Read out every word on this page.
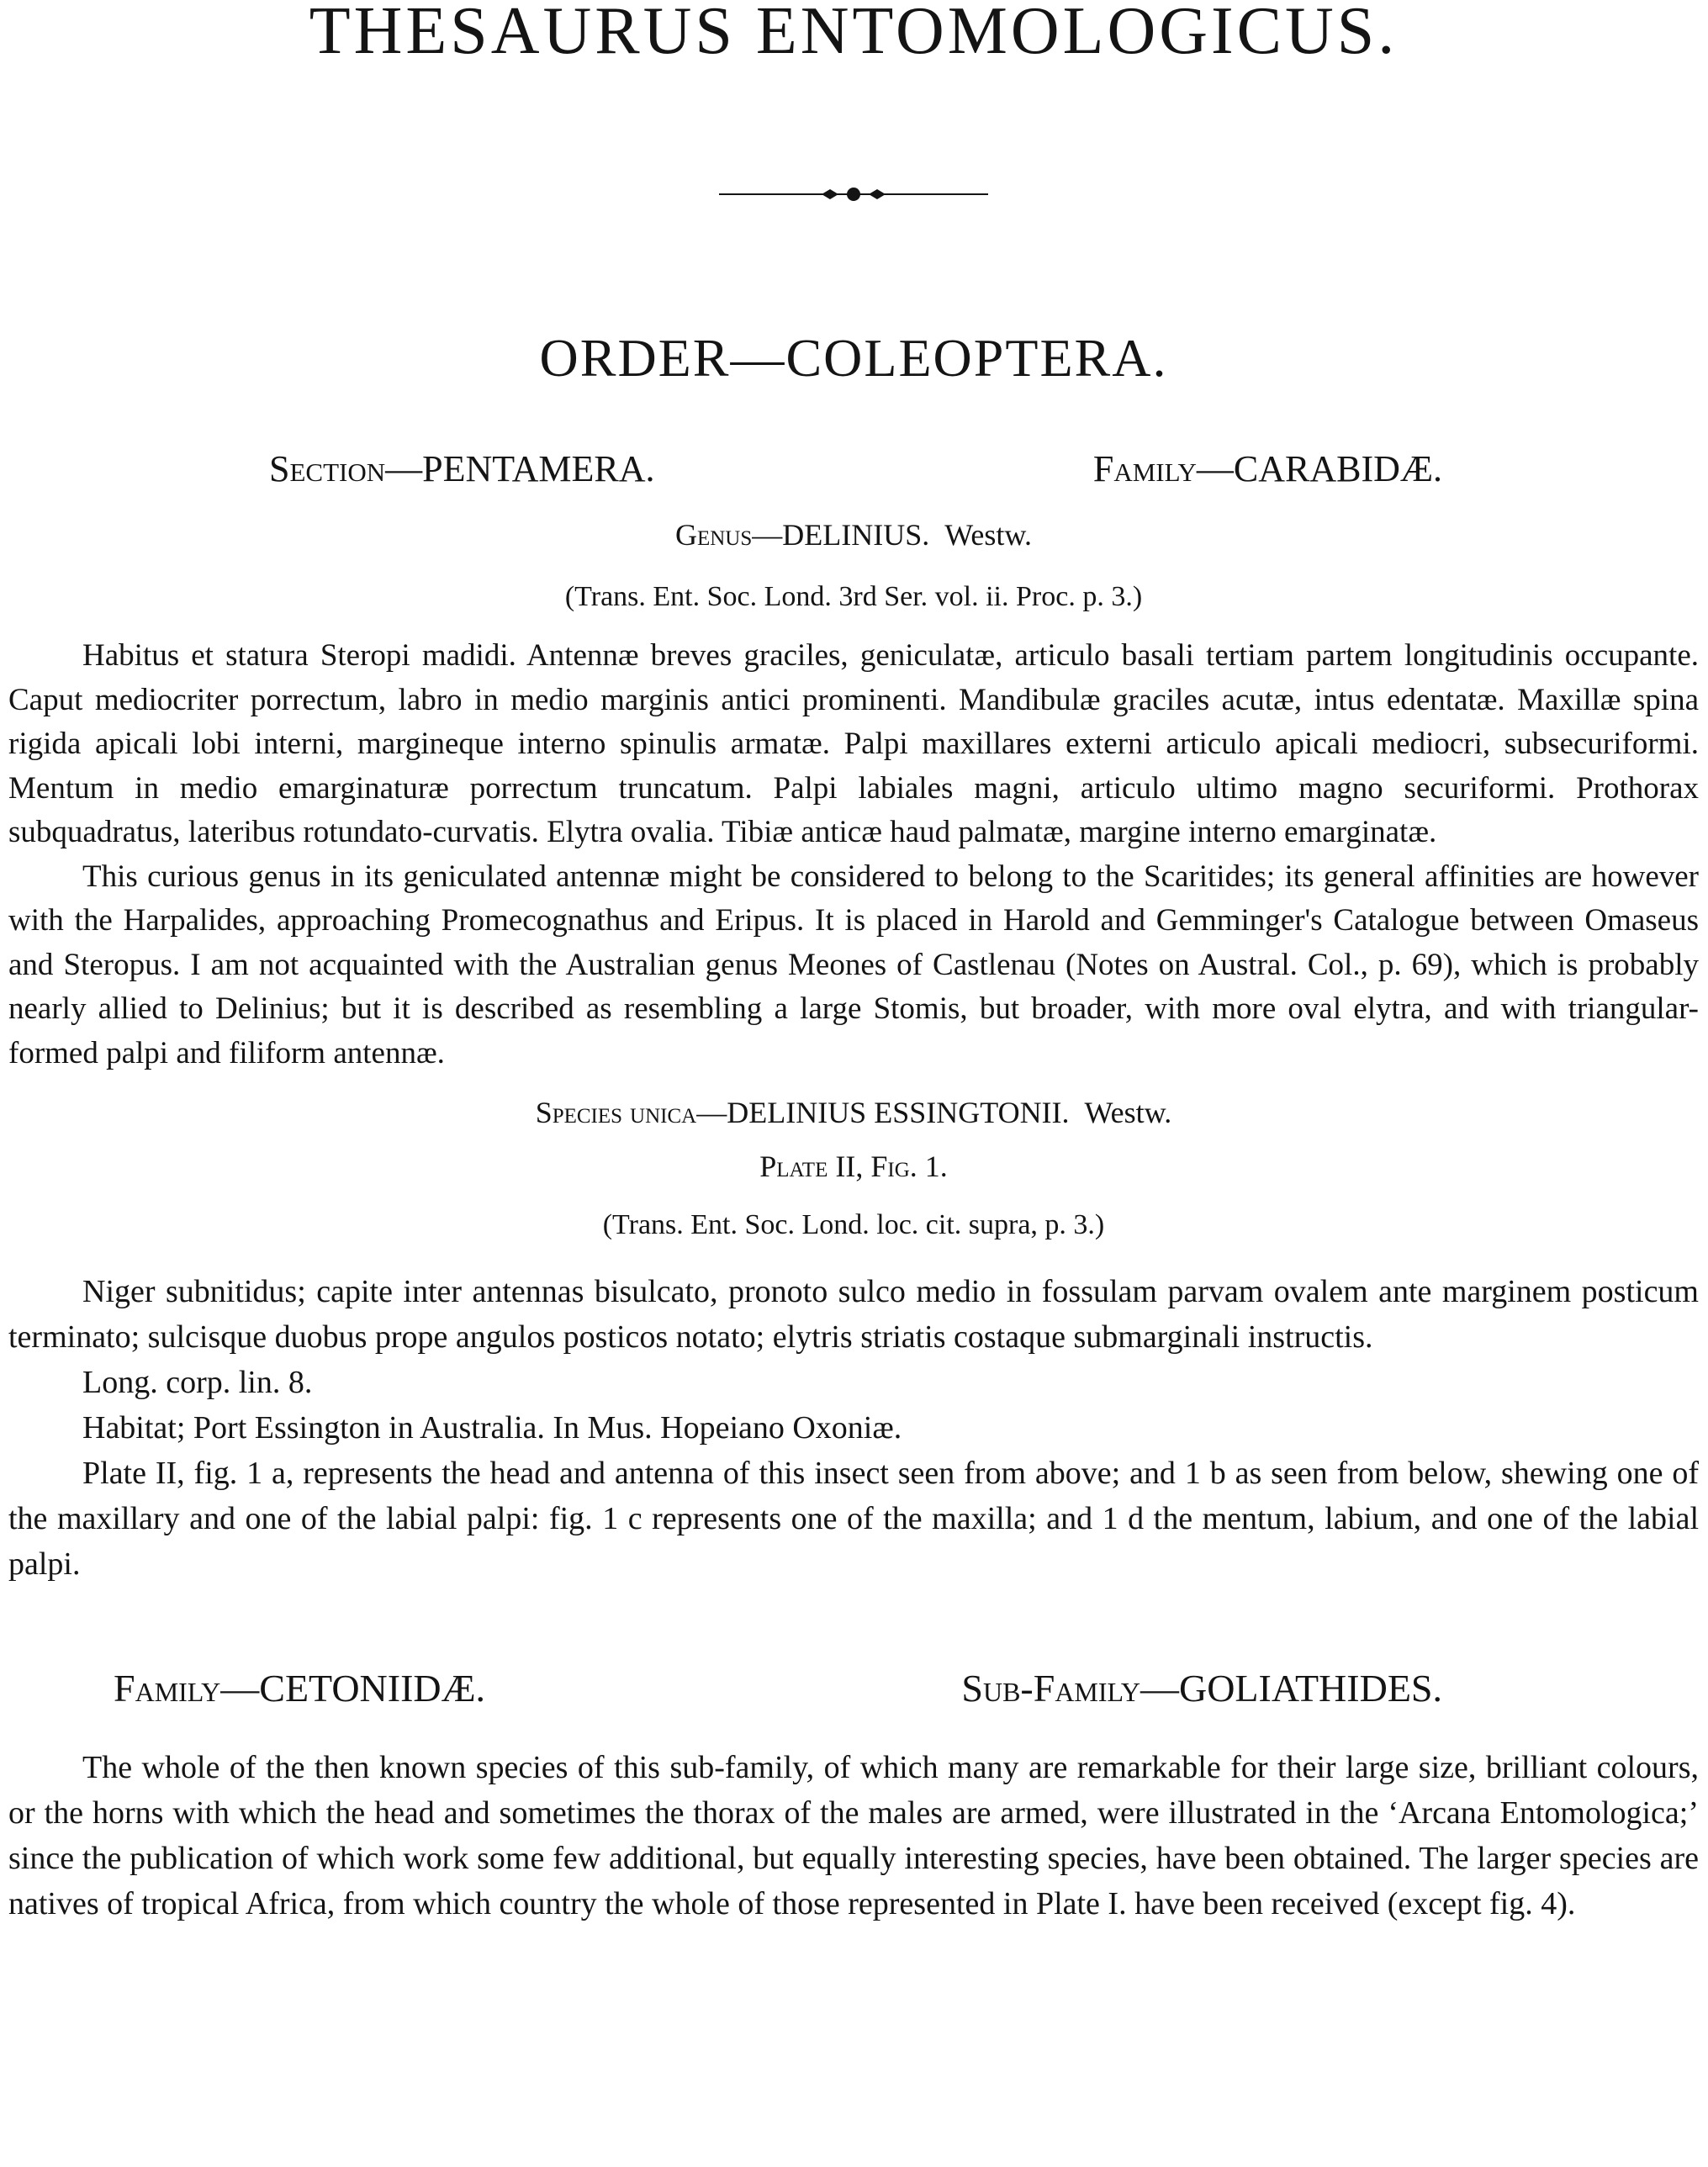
THESAURUS ENTOMOLOGICUS.
ORDER—COLEOPTERA.
Section—PENTAMERA.	Family—CARABIDÆ.
Genus—DELINIUS. Westw.
(Trans. Ent. Soc. Lond. 3rd Ser. vol. ii. Proc. p. 3.)

Habitus et statura Steropi madidi. Antennæ breves graciles, geniculatæ, articulo basali tertiam partem longitudinis occupante. Caput mediocriter porrectum, labro in medio marginis antici prominenti. Mandibulæ graciles acutæ, intus edentatæ. Maxillæ spina rigida apicali lobi interni, margineque interno spinulis armatæ. Palpi maxillares externi articulo apicali mediocri, subsecuriformi. Mentum in medio emarginaturæ porrectum truncatum. Palpi labiales magni, articulo ultimo magno securiformi. Prothorax subquadratus, lateribus rotundato-curvatis. Elytra ovalia. Tibiæ anticæ haud palmatæ, margine interno emarginatæ.

This curious genus in its geniculated antennæ might be considered to belong to the Scaritides; its general affinities are however with the Harpalides, approaching Promecognathus and Eripus. It is placed in Harold and Gemminger's Catalogue between Omaseus and Steropus. I am not acquainted with the Australian genus Meones of Castlenau (Notes on Austral. Col., p. 69), which is probably nearly allied to Delinius; but it is described as resembling a large Stomis, but broader, with more oval elytra, and with triangular-formed palpi and filiform antennæ.

Species unica—DELINIUS ESSINGTONII. Westw.
Plate II, Fig. 1.
(Trans. Ent. Soc. Lond. loc. cit. supra, p. 3.)

Niger subnitidus; capite inter antennas bisulcato, pronoto sulco medio in fossulam parvam ovalem ante marginem posticum terminato; sulcisque duobus prope angulos posticos notato; elytris striatis costaque submarginali instructis.

Long. corp. lin. 8.

Habitat; Port Essington in Australia. In Mus. Hopeiano Oxoniæ.

Plate II, fig. 1 a, represents the head and antenna of this insect seen from above; and 1 b as seen from below, shewing one of the maxillary and one of the labial palpi: fig. 1 c represents one of the maxilla; and 1 d the mentum, labium, and one of the labial palpi.

Family—CETONIIDÆ.	Sub-Family—GOLIATHIDES.

The whole of the then known species of this sub-family, of which many are remarkable for their large size, brilliant colours, or the horns with which the head and sometimes the thorax of the males are armed, were illustrated in the ‘Arcana Entomologica;’ since the publication of which work some few additional, but equally interesting species, have been obtained. The larger species are natives of tropical Africa, from which country the whole of those represented in Plate I. have been received (except fig. 4).
